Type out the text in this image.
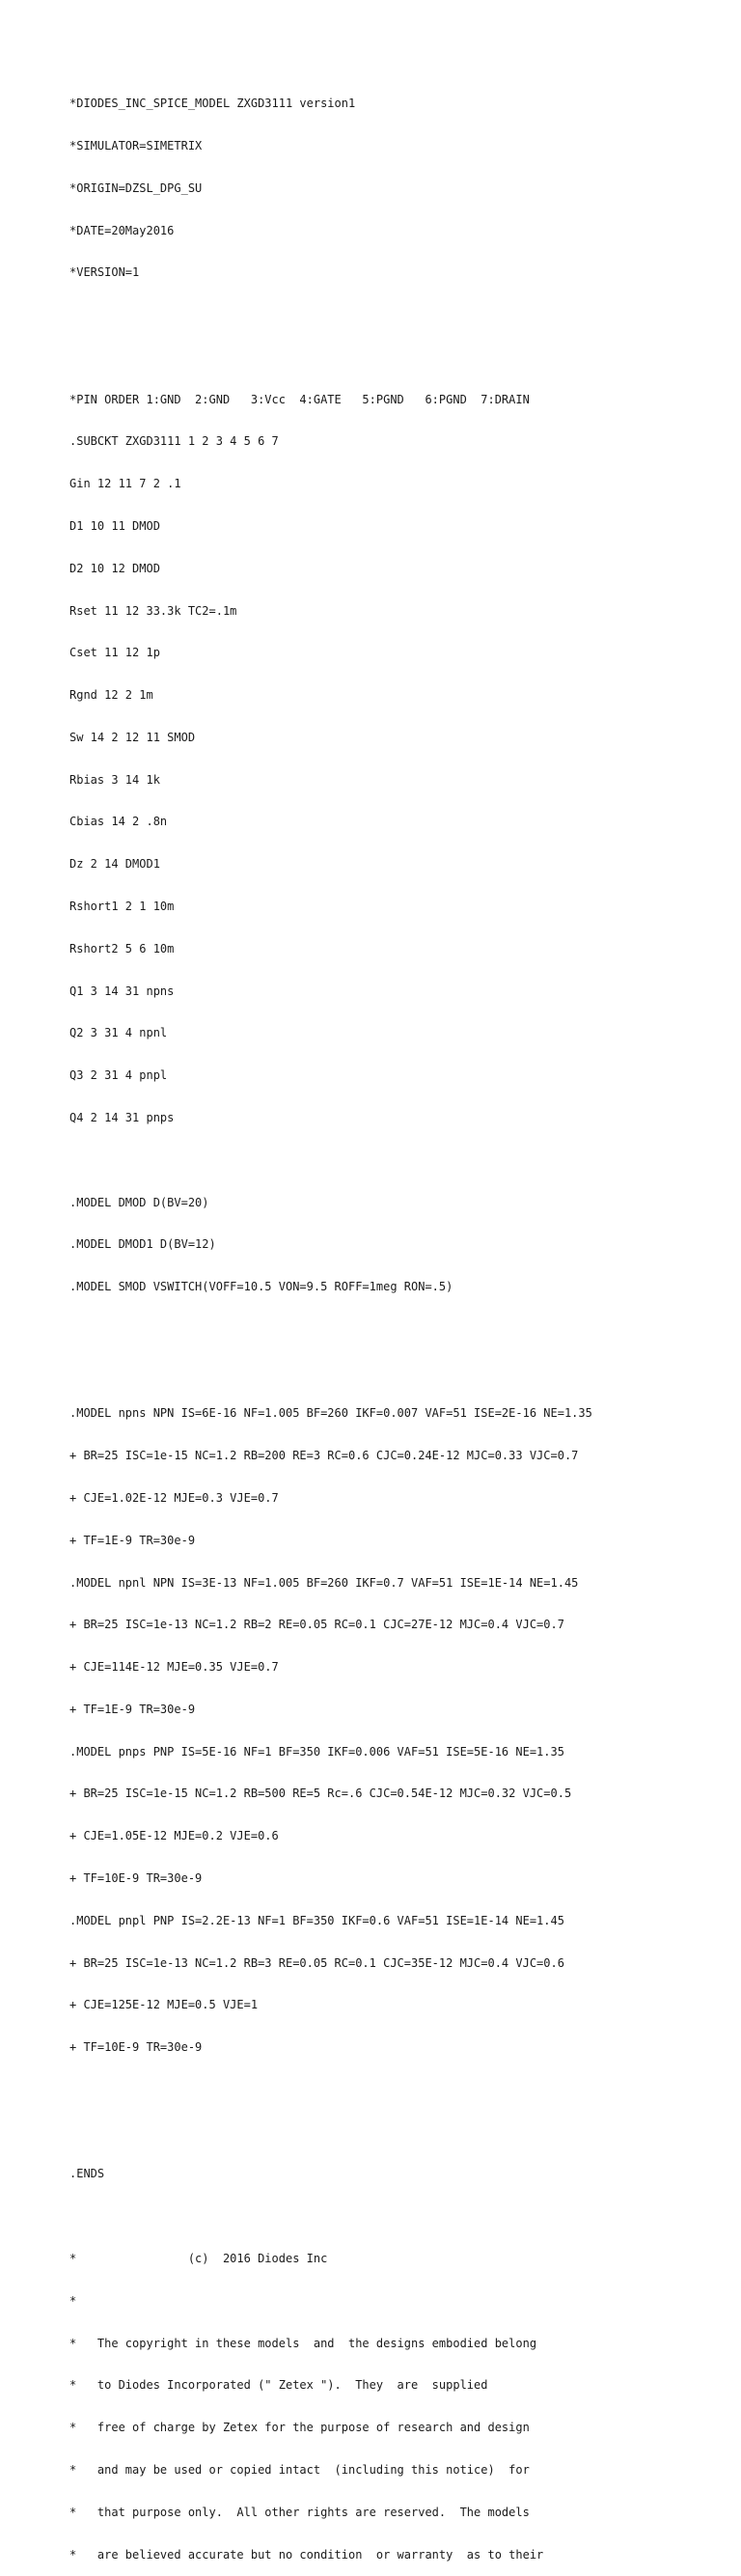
*DIODES_INC_SPICE_MODEL ZXGD3111 version1

*SIMULATOR=SIMETRIX

*ORIGIN=DZSL_DPG_SU

*DATE=20May2016

*VERSION=1

*PIN ORDER 1:GND  2:GND   3:Vcc  4:GATE   5:PGND   6:PGND  7:DRAIN

.SUBCKT ZXGD3111 1 2 3 4 5 6 7

Gin 12 11 7 2 .1

D1 10 11 DMOD

D2 10 12 DMOD

Rset 11 12 33.3k TC2=.1m

Cset 11 12 1p

Rgnd 12 2 1m

Sw 14 2 12 11 SMOD

Rbias 3 14 1k

Cbias 14 2 .8n

Dz 2 14 DMOD1

Rshort1 2 1 10m

Rshort2 5 6 10m

Q1 3 14 31 npns

Q2 3 31 4 npnl

Q3 2 31 4 pnpl

Q4 2 14 31 pnps

.MODEL DMOD D(BV=20)

.MODEL DMOD1 D(BV=12)

.MODEL SMOD VSWITCH(VOFF=10.5 VON=9.5 ROFF=1meg RON=.5)

.MODEL npns NPN IS=6E-16 NF=1.005 BF=260 IKF=0.007 VAF=51 ISE=2E-16 NE=1.35

+ BR=25 ISC=1e-15 NC=1.2 RB=200 RE=3 RC=0.6 CJC=0.24E-12 MJC=0.33 VJC=0.7

+ CJE=1.02E-12 MJE=0.3 VJE=0.7

+ TF=1E-9 TR=30e-9

.MODEL npnl NPN IS=3E-13 NF=1.005 BF=260 IKF=0.7 VAF=51 ISE=1E-14 NE=1.45

+ BR=25 ISC=1e-13 NC=1.2 RB=2 RE=0.05 RC=0.1 CJC=27E-12 MJC=0.4 VJC=0.7

+ CJE=114E-12 MJE=0.35 VJE=0.7

+ TF=1E-9 TR=30e-9

.MODEL pnps PNP IS=5E-16 NF=1 BF=350 IKF=0.006 VAF=51 ISE=5E-16 NE=1.35

+ BR=25 ISC=1e-15 NC=1.2 RB=500 RE=5 Rc=.6 CJC=0.54E-12 MJC=0.32 VJC=0.5

+ CJE=1.05E-12 MJE=0.2 VJE=0.6

+ TF=10E-9 TR=30e-9

.MODEL pnpl PNP IS=2.2E-13 NF=1 BF=350 IKF=0.6 VAF=51 ISE=1E-14 NE=1.45

+ BR=25 ISC=1e-13 NC=1.2 RB=3 RE=0.05 RC=0.1 CJC=35E-12 MJC=0.4 VJC=0.6

+ CJE=125E-12 MJE=0.5 VJE=1

+ TF=10E-9 TR=30e-9

.ENDS

*                (c)  2016 Diodes Inc

*

*   The copyright in these models  and  the designs embodied belong

*   to Diodes Incorporated (" Zetex ").  They  are  supplied

*   free of charge by Zetex for the purpose of research and design

*   and may be used or copied intact  (including this notice)  for

*   that purpose only.  All other rights are reserved.  The models

*   are believed accurate but no condition  or warranty  as to their
